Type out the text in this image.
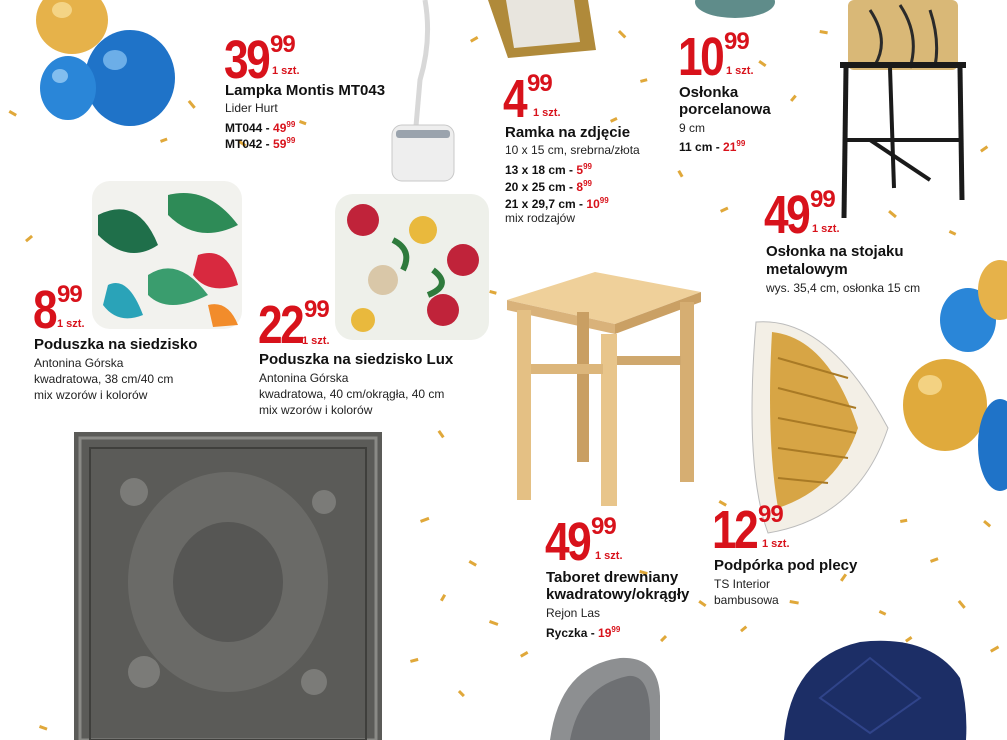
39 99
1 szt.
Lampka Montis MT043
Lider Hurt
$MT044 - 49^{99}$
$MT042 - 59^{99}$
4 99
1 szt.
Ramka na zdjęcie
10 x 15 cm, srebrna/złota
13 x 18 cm - $5^{99}$
20 x 25 cm - $8^{99}$
21 x 29,7 cm - $10^{99}$
mix rodzajów
10 99
1 szt.
Osłonka
porcelanowa
9 cm
11 cm - $21^{99}$
49 99
1 szt.
Osłonka na stojaku
metalowym
wys. 35,4 cm, osłonka 15 cm
8 99
1 szt.
Poduszka na siedzisko
Antonina Górska
kwadratowa, 38 cm/40 cm
mix wzorów i kolorów
22 99
1 szt.
Poduszka na siedzisko Lux
Antonina Górska
kwadratowa, 40 cm/okrągła, 40 cm
mix wzorów i kolorów
49 99
1 szt.
Taboret drewniany
kwadratowy/okrągły
Rejon Las
Ryczka - $19^{99}$
12 99
1 szt.
Podpórka pod plecy
TS Interior
bambusowa
